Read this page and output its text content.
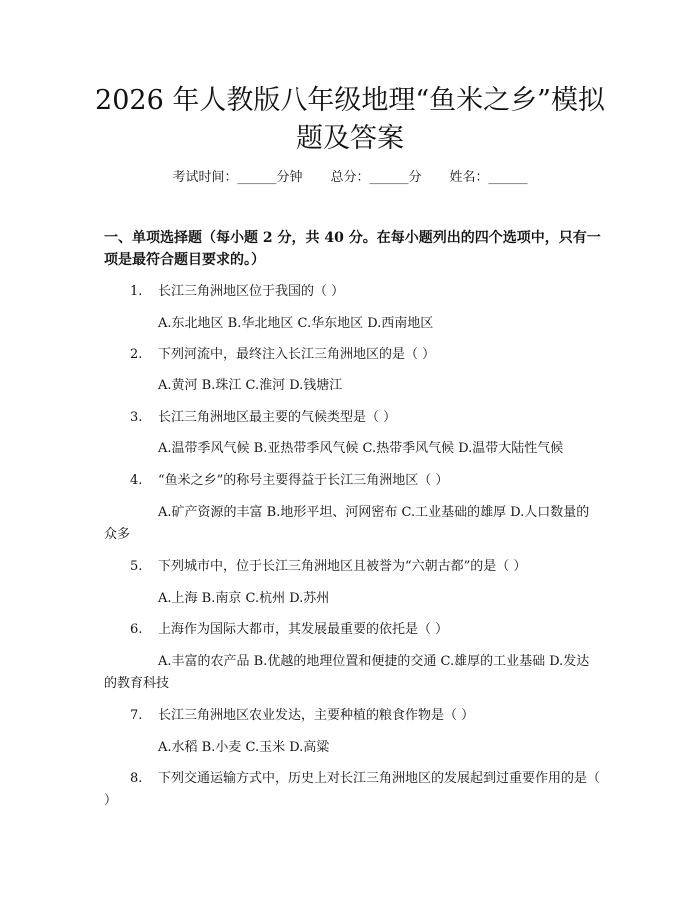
2026 年人教版八年级地理“鱼米之乡”模拟
题及答案
考试时间：______分钟 总分：______分 姓名：______

一、单项选择题（每小题 2 分，共 40 分。在每小题列出的四个选项中，只有一项是最符合题目要求的。）

1.	长江三角洲地区位于我国的（ ）
A.东北地区 B.华北地区 C.华东地区 D.西南地区
2.	下列河流中，最终注入长江三角洲地区的是（ ）
A.黄河 B.珠江 C.淮河 D.钱塘江
3.	长江三角洲地区最主要的气候类型是（ ）
A.温带季风气候 B.亚热带季风气候 C.热带季风气候 D.温带大陆性气候
4.	“鱼米之乡”的称号主要得益于长江三角洲地区（ ）
A.矿产资源的丰富 B.地形平坦、河网密布 C.工业基础的雄厚 D.人口数量的众多
5.	下列城市中，位于长江三角洲地区且被誉为“六朝古都”的是（ ）
A.上海 B.南京 C.杭州 D.苏州
6.	上海作为国际大都市，其发展最重要的依托是（ ）
A.丰富的农产品 B.优越的地理位置和便捷的交通 C.雄厚的工业基础 D.发达的教育科技
7.	长江三角洲地区农业发达，主要种植的粮食作物是（ ）
A.水稻 B.小麦 C.玉米 D.高粱
8.	下列交通运输方式中，历史上对长江三角洲地区的发展起到过重要作用的是（ ）
